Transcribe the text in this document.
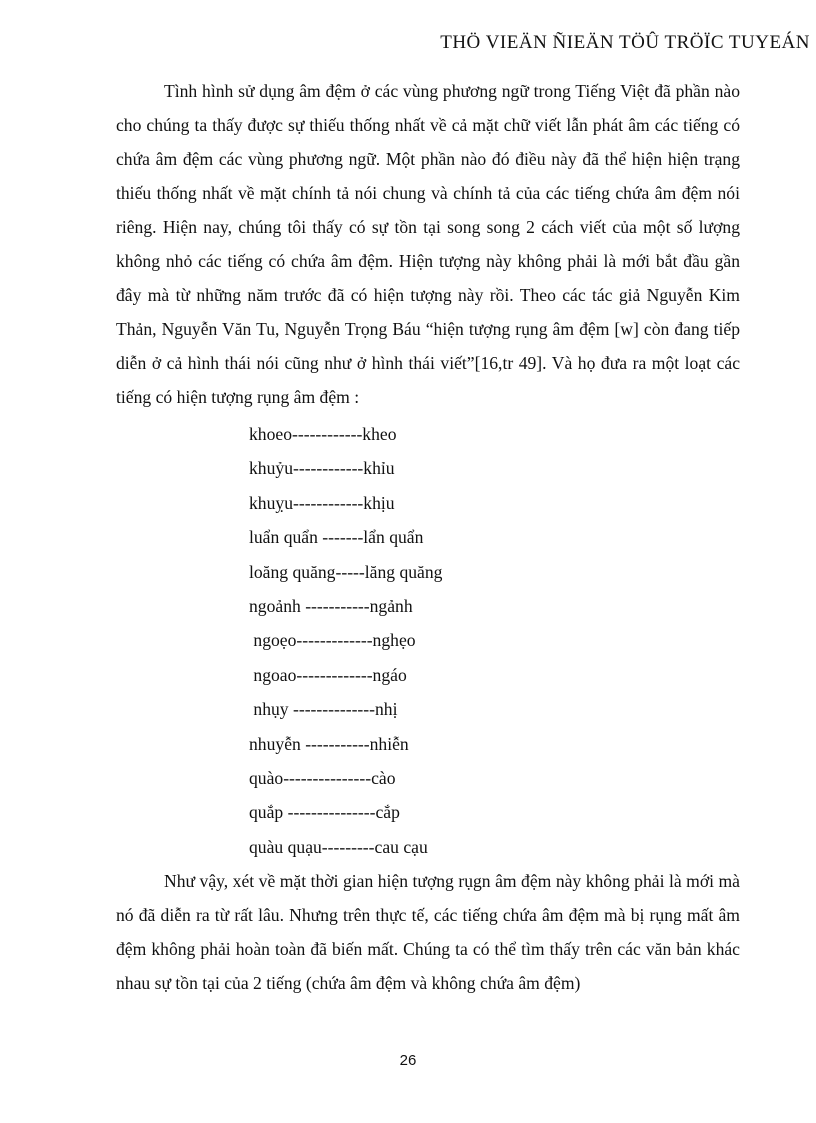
THÖ VIEÄN ÑIEÄN TÖÛ TRÖÏC TUYEÁN

Tình hình sử dụng âm đệm ở các vùng phương ngữ trong Tiếng Việt đã phần nào cho chúng ta thấy được sự thiếu thống nhất về cả mặt chữ viết lẫn phát âm các tiếng có chứa âm đệm các vùng phương ngữ. Một phần nào đó điều này đã thể hiện hiện trạng thiếu thống nhất về mặt chính tả nói chung và chính tả của các tiếng chứa âm đệm nói riêng. Hiện nay, chúng tôi thấy có sự tồn tại song song 2 cách viết của một số lượng không nhỏ các tiếng có chứa âm đệm. Hiện tượng này không phải là mới bắt đầu gần đây mà từ những năm trước đã có hiện tượng này rồi. Theo các tác giả Nguyễn Kim Thản, Nguyễn Văn Tu, Nguyễn Trọng Báu “hiện tượng rụng âm đệm [w] còn đang tiếp diễn ở cả hình thái nói cũng như ở hình thái viết”[16,tr 49]. Và họ đưa ra một loạt các tiếng có hiện tượng rụng âm đệm :

khoeo------------kheo
khuỷu------------khỉu
khuỵu------------khịu
luẩn quẩn -------lẩn quẩn
loăng quăng-----lăng quăng
ngoảnh -----------ngảnh
ngoẹo-------------nghẹo
ngoao-------------ngáo
nhụy --------------nhị
nhuyễn -----------nhiễn
quào---------------cào
quắp ---------------cắp
quàu quạu---------cau cạu

Như vậy, xét về mặt thời gian hiện tượng rụgn âm đệm này không phải là mới mà nó đã diễn ra từ rất lâu. Nhưng trên thực tế, các tiếng chứa âm đệm mà bị rụng mất âm đệm không phải hoàn toàn đã biến mất. Chúng ta có thể tìm thấy trên các văn bản khác nhau sự tồn tại của 2 tiếng (chứa âm đệm và không chứa âm đệm)

26
